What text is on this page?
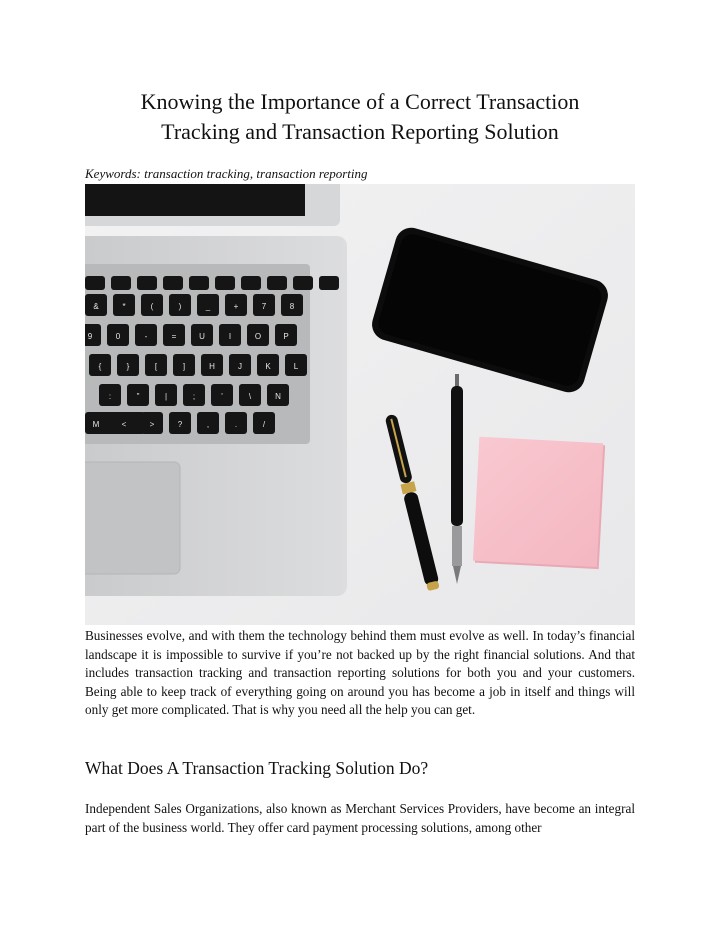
Knowing the Importance of a Correct Transaction
Tracking and Transaction Reporting Solution

Keywords: transaction tracking, transaction reporting

&	*	(	)	_	+	7	8
9	0	-	=	U	I	O	P
{	}	[	]	H	J	K	L
:	"	|	;	'	\	N
M	<	>	?	,	.	/

Businesses evolve, and with them the technology behind them must evolve as well. In today’s financial landscape it is impossible to survive if you’re not backed up by the right financial solutions. And that includes transaction tracking and transaction reporting solutions for both you and your customers. Being able to keep track of everything going on around you has become a job in itself and things will only get more complicated. That is why you need all the help you can get.

What Does A Transaction Tracking Solution Do?

Independent Sales Organizations, also known as Merchant Services Providers, have become an integral part of the business world. They offer card payment processing solutions, among other
